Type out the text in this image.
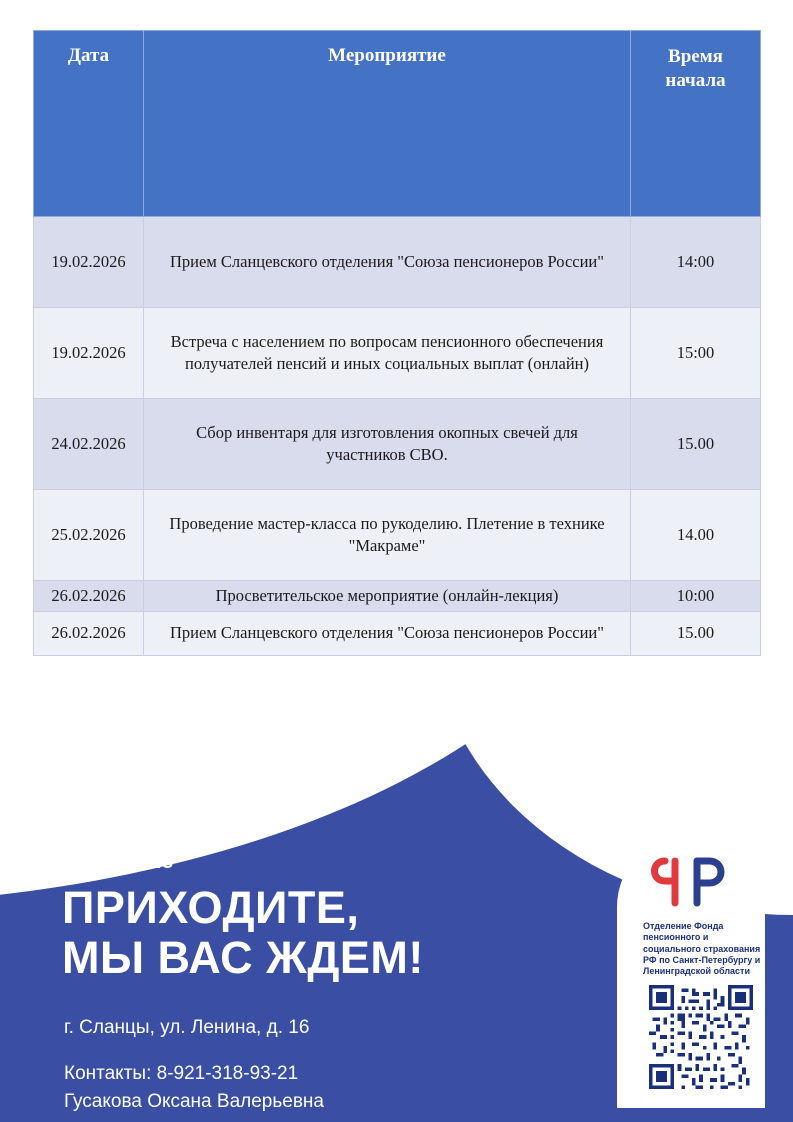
Дата	Мероприятие	Время
начала
19.02.2026	Прием Сланцевского отделения "Союза пенсионеров России"	14:00
19.02.2026	Встреча с населением по вопросам пенсионного обеспечения получателей пенсий и иных социальных выплат (онлайн)	15:00
24.02.2026	Сбор инвентаря для изготовления окопных свечей для участников СВО.	15.00
25.02.2026	Проведение мастер-класса по рукоделию. Плетение в технике "Макраме"	14.00
26.02.2026	Просветительское мероприятие (онлайн-лекция)	10:00
26.02.2026	Прием Сланцевского отделения "Союза пенсионеров России"	15.00
SFR.GOV.RU
ПРИХОДИТЕ,
МЫ ВАС ЖДЕМ!
г. Сланцы, ул. Ленина, д. 16
Контакты: 8-921-318-93-21
Гусакова Оксана Валерьевна
Отделение Фонда пенсионного и социального страхования РФ по Санкт-Петербургу и Ленинградской области
